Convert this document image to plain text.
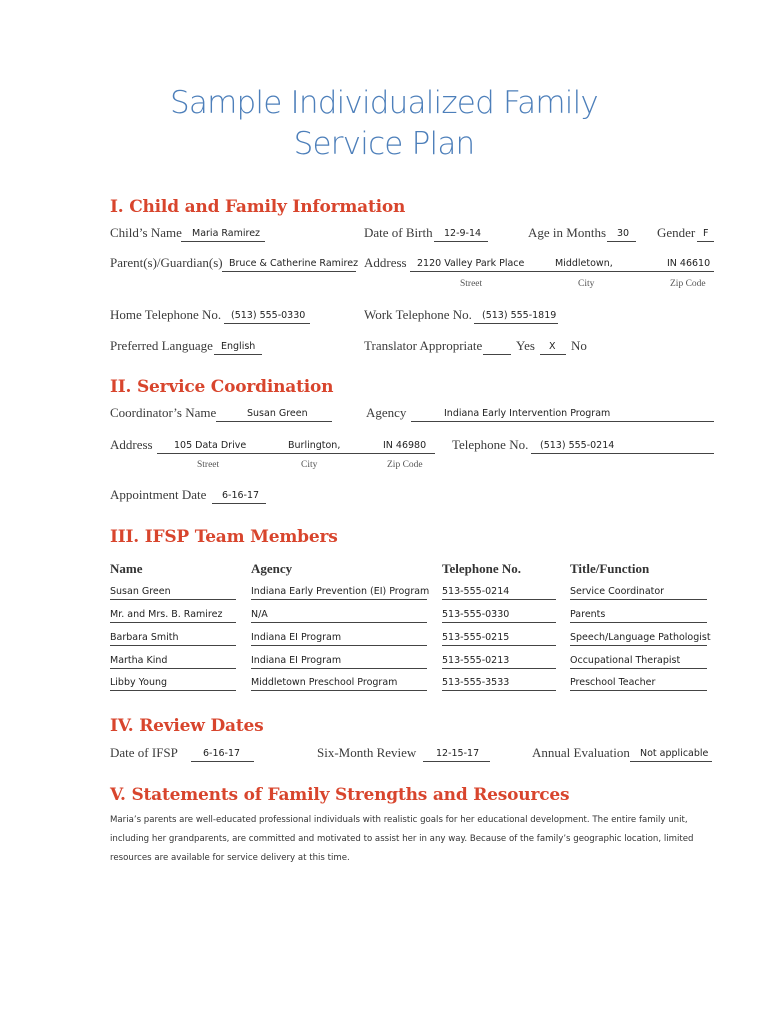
Sample Individualized Family
Service Plan
I. Child and Family Information
Child’s Name Maria Ramirez	Date of Birth 12-9-14	Age in Months 30 Gender F
Parent(s)/Guardian(s) Bruce & Catherine Ramirez Address 2120 Valley Park Place	Middletown,	IN 46610
Street	City	Zip Code
Home Telephone No. (513) 555-0330	Work Telephone No. (513) 555-1819
Preferred Language English	Translator Appropriate	Yes X No
II. Service Coordination
Coordinator’s Name	Susan Green	Agency	Indiana Early Intervention Program
Address 105 Data Drive	Burlington,	IN 46980
Street	City	Zip Code
Telephone No. (513) 555-0214
Appointment Date 6-16-17
III. IFSP Team Members
Name	Agency	Telephone No.	Title/Function
Susan Green	Indiana Early Prevention (EI) Program 513-555-0214	Service Coordinator
Mr. and Mrs. B. Ramirez	N/A	513-555-0330	Parents
Barbara Smith	Indiana EI Program	513-555-0215	Speech/Language Pathologist
Martha Kind	Indiana EI Program	513-555-0213	Occupational Therapist
Libby Young	Middletown Preschool Program	513-555-3533	Preschool Teacher
IV. Review Dates
Date of IFSP	6-16-17	Six-Month Review 12-15-17	Annual Evaluation Not applicable
V. Statements of Family Strengths and Resources
Maria’s parents are well-educated professional individuals with realistic goals for her educational development. The entire family unit, including her grandparents, are committed and motivated to assist her in any way. Because of the family’s geographic location, limited resources are available for service delivery at this time.
